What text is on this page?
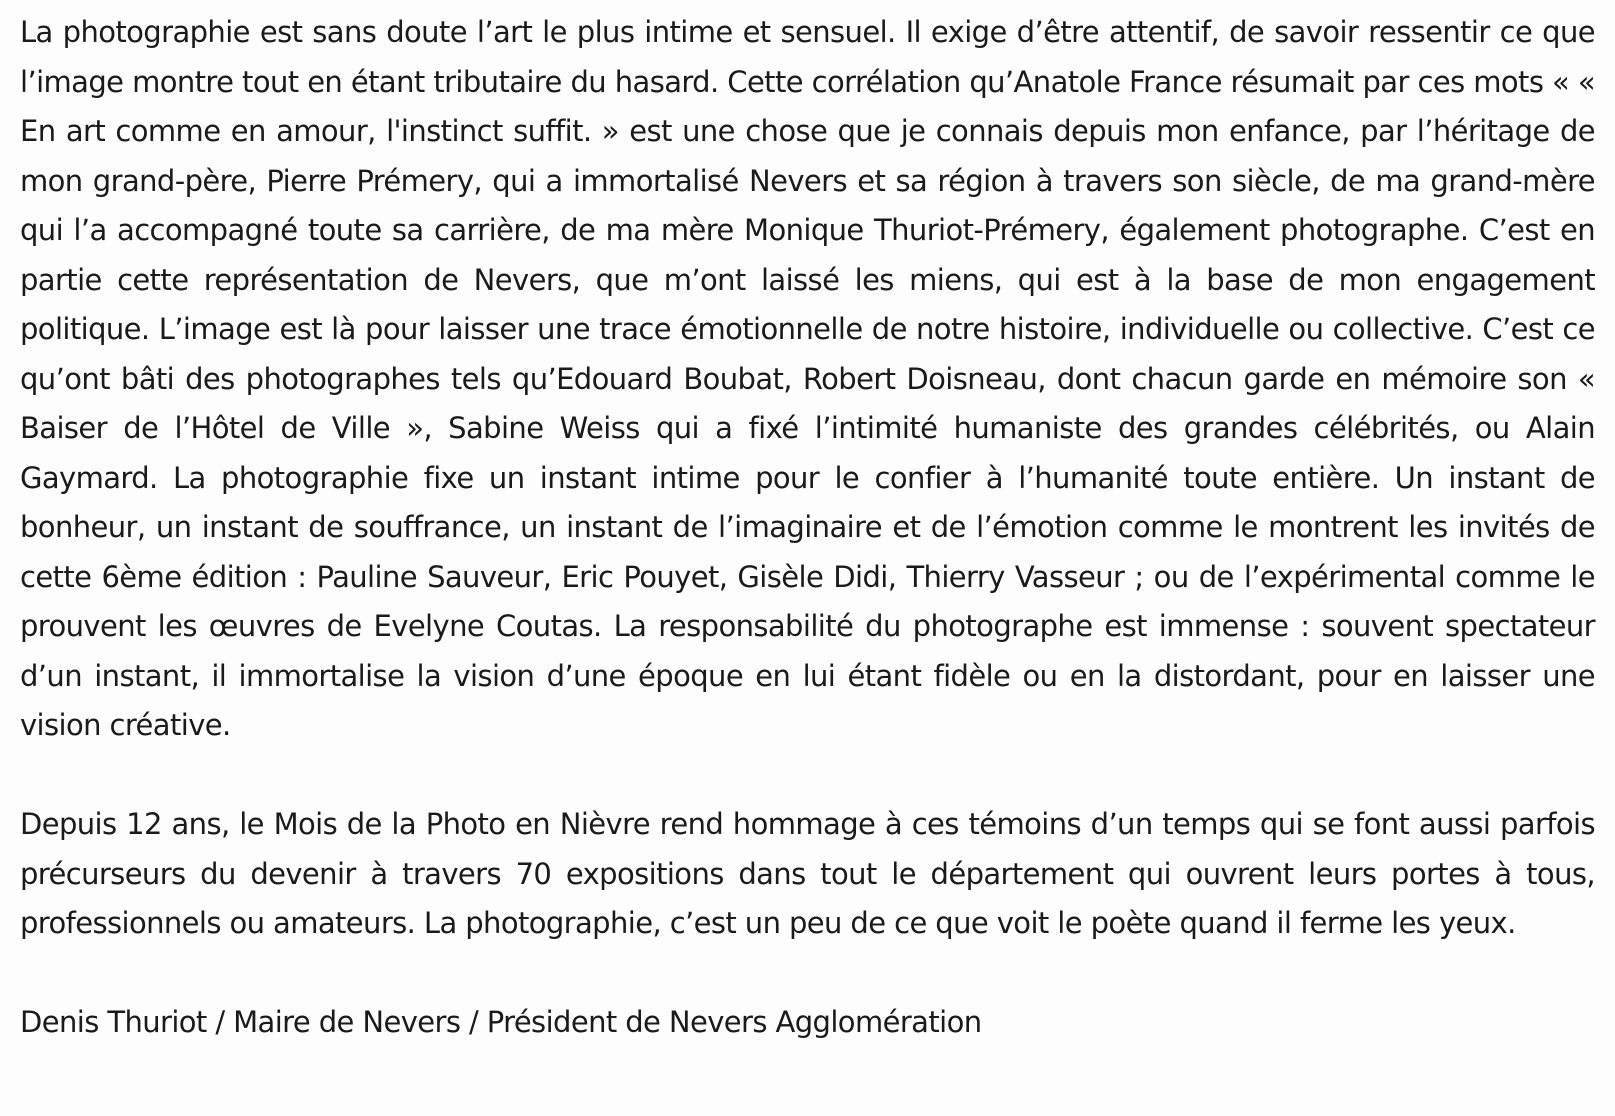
La photographie est sans doute l’art le plus intime et sensuel. Il exige d’être attentif, de savoir ressentir ce que l’image montre tout en étant tributaire du hasard. Cette corrélation qu’Anatole France résumait par ces mots « « En art comme en amour, l'instinct suffit. » est une chose que je connais depuis mon enfance, par l’héritage de mon grand-père, Pierre Prémery, qui a immortalisé Nevers et sa région à travers son siècle, de ma grand-mère qui l’a accompagné toute sa carrière, de ma mère Monique Thuriot-Prémery, également photographe. C’est en partie cette représentation de Nevers, que m’ont laissé les miens, qui est à la base de mon engagement politique. L’image est là pour laisser une trace émotionnelle de notre histoire, individuelle ou collective. C’est ce qu’ont bâti des photographes tels qu’Edouard Boubat, Robert Doisneau, dont chacun garde en mémoire son « Baiser de l’Hôtel de Ville », Sabine Weiss qui a fixé l’intimité humaniste des grandes célébrités, ou Alain Gaymard. La photographie fixe un instant intime pour le confier à l’humanité toute entière. Un instant de bonheur, un instant de souffrance, un instant de l’imaginaire et de l’émotion comme le montrent les invités de cette 6ème édition : Pauline Sauveur, Eric Pouyet, Gisèle Didi, Thierry Vasseur ; ou de l’expérimental comme le prouvent les œuvres de Evelyne Coutas. La responsabilité du photographe est immense : souvent spectateur d’un instant, il immortalise la vision d’une époque en lui étant fidèle ou en la distordant, pour en laisser une vision créative.

Depuis 12 ans, le Mois de la Photo en Nièvre rend hommage à ces témoins d’un temps qui se font aussi parfois précurseurs du devenir à travers 70 expositions dans tout le département qui ouvrent leurs portes à tous, professionnels ou amateurs. La photographie, c’est un peu de ce que voit le poète quand il ferme les yeux.

Denis Thuriot / Maire de Nevers / Président de Nevers Agglomération
